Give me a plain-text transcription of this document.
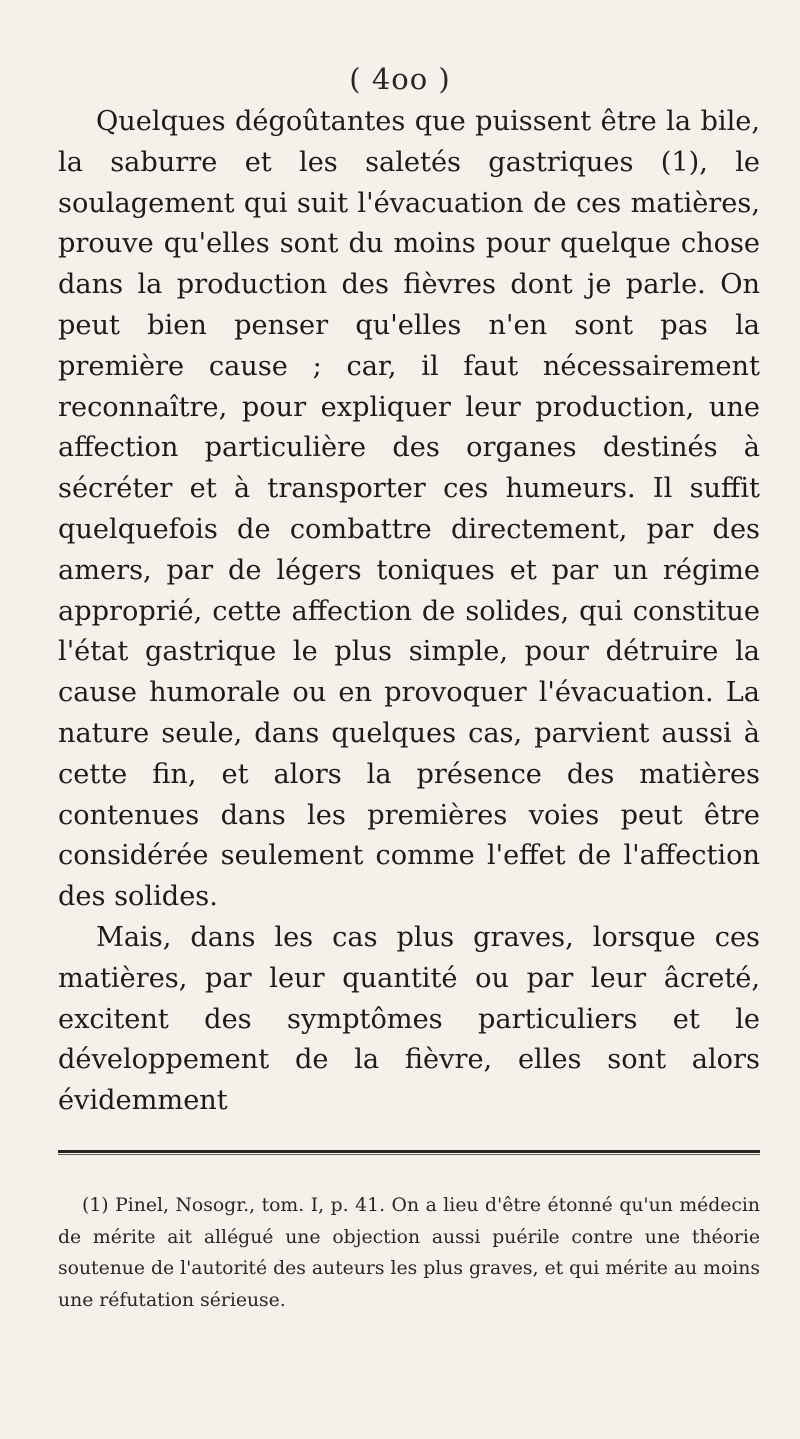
( 4oo )

Quelques dégoûtantes que puissent être la bile, la saburre et les saletés gastriques (1), le soulagement qui suit l'évacuation de ces matières, prouve qu'elles sont du moins pour quelque chose dans la production des fièvres dont je parle. On peut bien penser qu'elles n'en sont pas la première cause ; car, il faut nécessairement reconnaître, pour expliquer leur production, une affection particulière des organes destinés à sécréter et à transporter ces humeurs. Il suffit quelquefois de combattre directement, par des amers, par de légers toniques et par un régime approprié, cette affection de solides, qui constitue l'état gastrique le plus simple, pour détruire la cause humorale ou en provoquer l'évacuation. La nature seule, dans quelques cas, parvient aussi à cette fin, et alors la présence des matières contenues dans les premières voies peut être considérée seulement comme l'effet de l'affection des solides.

Mais, dans les cas plus graves, lorsque ces matières, par leur quantité ou par leur âcreté, excitent des symptômes particuliers et le développement de la fièvre, elles sont alors évidemment

(1) Pinel, Nosogr., tom. I, p. 41. On a lieu d'être étonné qu'un médecin de mérite ait allégué une objection aussi puérile contre une théorie soutenue de l'autorité des auteurs les plus graves, et qui mérite au moins une réfutation sérieuse.
